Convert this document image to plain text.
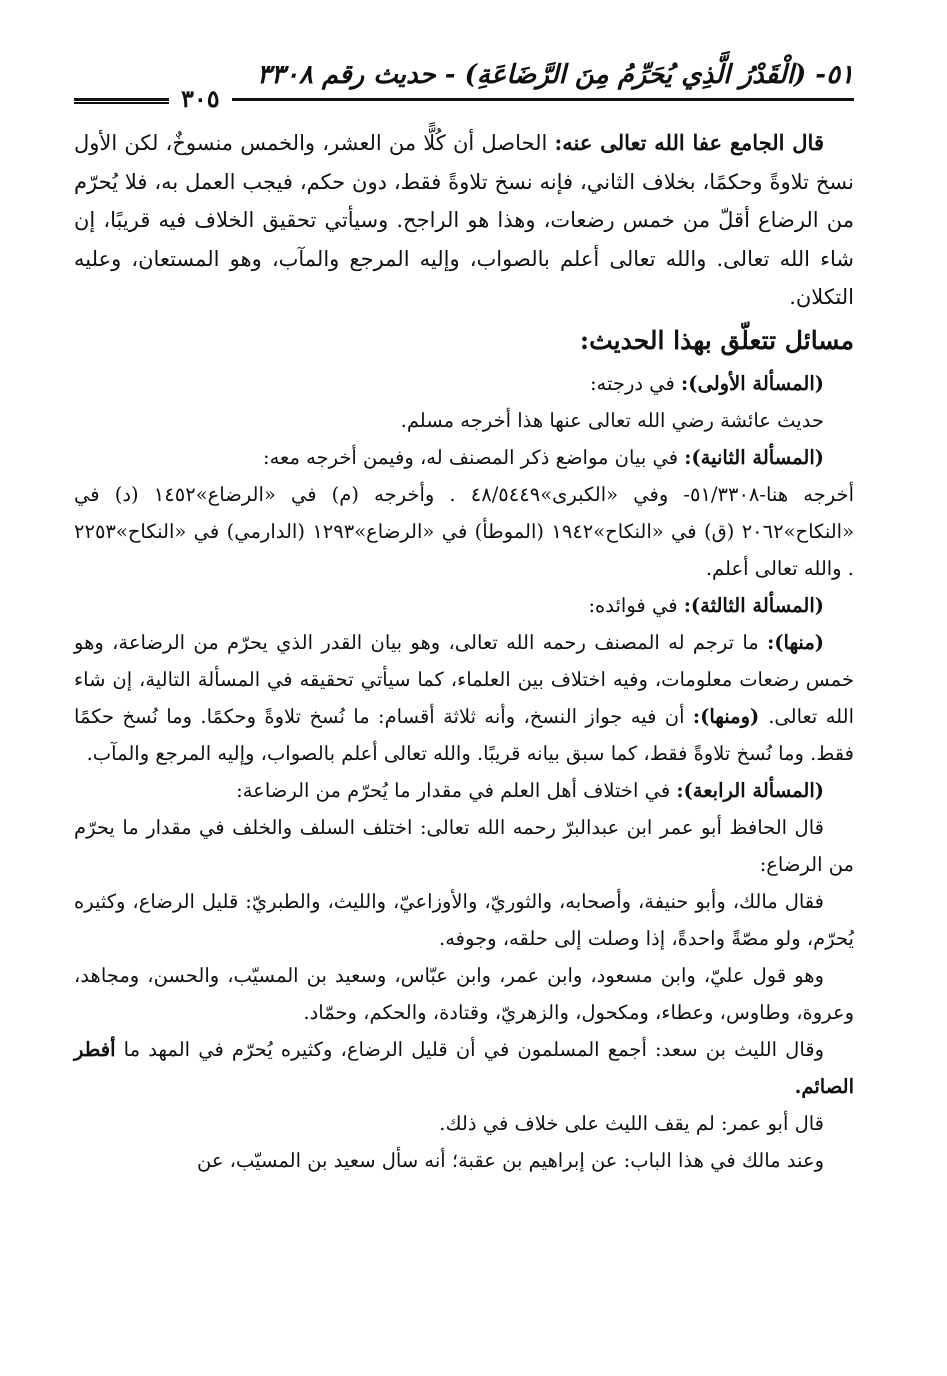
٥١- (الْقَدْرُ الَّذِي يُحَرِّمُ مِنَ الرَّضَاعَةِ) - حديث رقم ٣٣٠٨
٣٠٥

قال الجامع عفا الله تعالى عنه: الحاصل أن كُلًّا من العشر، والخمس منسوخٌ، لكن الأول نسخ تلاوةً وحكمًا، بخلاف الثاني، فإنه نسخ تلاوةً فقط، دون حكم، فيجب العمل به، فلا يُحرّم من الرضاع أقلّ من خمس رضعات، وهذا هو الراجح. وسيأتي تحقيق الخلاف فيه قريبًا، إن شاء الله تعالى. والله تعالى أعلم بالصواب، وإليه المرجع والمآب، وهو المستعان، وعليه التكلان.

مسائل تتعلّق بهذا الحديث:

(المسألة الأولى): في درجته:

حديث عائشة رضي الله تعالى عنها هذا أخرجه مسلم.

(المسألة الثانية): في بيان مواضع ذكر المصنف له، وفيمن أخرجه معه:

أخرجه هنا-٥١/٣٣٠٨- وفي «الكبرى»٤٨/٥٤٤٩ . وأخرجه (م) في «الرضاع»١٤٥٢ (د) في «النكاح»٢٠٦٢ (ق) في «النكاح»١٩٤٢ (الموطأ) في «الرضاع»١٢٩٣ (الدارمي) في «النكاح»٢٢٥٣ . والله تعالى أعلم.

(المسألة الثالثة): في فوائده:

(منها): ما ترجم له المصنف رحمه الله تعالى، وهو بيان القدر الذي يحرّم من الرضاعة، وهو خمس رضعات معلومات، وفيه اختلاف بين العلماء، كما سيأتي تحقيقه في المسألة التالية، إن شاء الله تعالى. (ومنها): أن فيه جواز النسخ، وأنه ثلاثة أقسام: ما نُسخ تلاوةً وحكمًا. وما نُسخ حكمًا فقط. وما نُسخ تلاوةً فقط، كما سبق بيانه قريبًا. والله تعالى أعلم بالصواب، وإليه المرجع والمآب.

(المسألة الرابعة): في اختلاف أهل العلم في مقدار ما يُحرّم من الرضاعة:

قال الحافظ أبو عمر ابن عبدالبرّ رحمه الله تعالى: اختلف السلف والخلف في مقدار ما يحرّم من الرضاع:

فقال مالك، وأبو حنيفة، وأصحابه، والثوريّ، والأوزاعيّ، والليث، والطبريّ: قليل الرضاع، وكثيره يُحرّم، ولو مصّةً واحدةً، إذا وصلت إلى حلقه، وجوفه.

وهو قول عليّ، وابن مسعود، وابن عمر، وابن عبّاس، وسعيد بن المسيّب، والحسن، ومجاهد، وعروة، وطاوس، وعطاء، ومكحول، والزهريّ، وقتادة، والحكم، وحمّاد.

وقال الليث بن سعد: أجمع المسلمون في أن قليل الرضاع، وكثيره يُحرّم في المهد ما أفطر الصائم.

قال أبو عمر: لم يقف الليث على خلاف في ذلك.

وعند مالك في هذا الباب: عن إبراهيم بن عقبة؛ أنه سأل سعيد بن المسيّب، عن
